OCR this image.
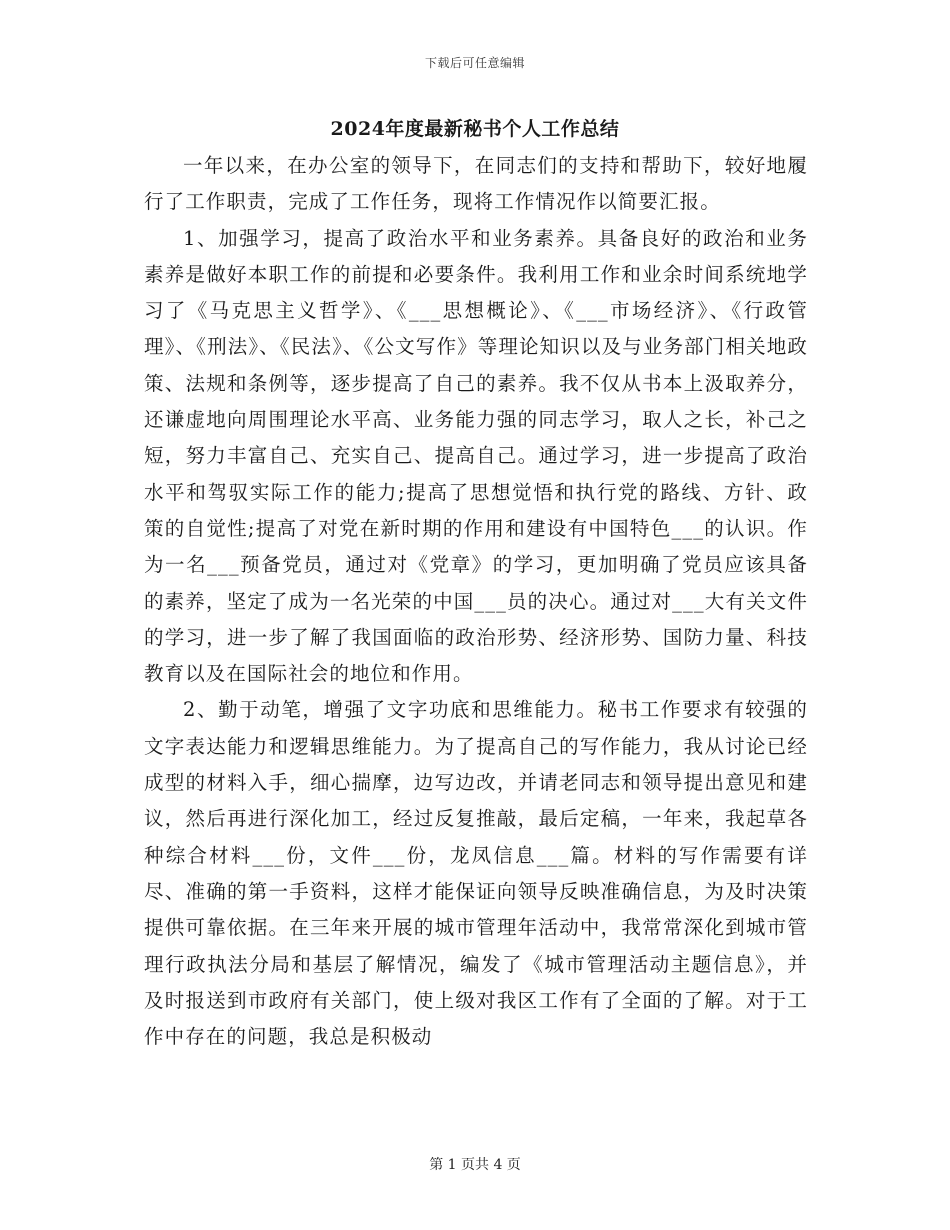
下载后可任意编辑
2024年度最新秘书个人工作总结

一年以来，在办公室的领导下，在同志们的支持和帮助下，较好地履行了工作职责，完成了工作任务，现将工作情况作以简要汇报。

1、加强学习，提高了政治水平和业务素养。具备良好的政治和业务素养是做好本职工作的前提和必要条件。我利用工作和业余时间系统地学习了《马克思主义哲学》、《___思想概论》、《___市场经济》、《行政管理》、《刑法》、《民法》、《公文写作》等理论知识以及与业务部门相关地政策、法规和条例等，逐步提高了自己的素养。我不仅从书本上汲取养分，还谦虚地向周围理论水平高、业务能力强的同志学习，取人之长，补己之短，努力丰富自己、充实自己、提高自己。通过学习，进一步提高了政治水平和驾驭实际工作的能力;提高了思想觉悟和执行党的路线、方针、政策的自觉性;提高了对党在新时期的作用和建设有中国特色___的认识。作为一名___预备党员，通过对《党章》的学习，更加明确了党员应该具备的素养，坚定了成为一名光荣的中国___员的决心。通过对___大有关文件的学习，进一步了解了我国面临的政治形势、经济形势、国防力量、科技教育以及在国际社会的地位和作用。

2、勤于动笔，增强了文字功底和思维能力。秘书工作要求有较强的文字表达能力和逻辑思维能力。为了提高自己的写作能力，我从讨论已经成型的材料入手，细心揣摩，边写边改，并请老同志和领导提出意见和建议，然后再进行深化加工，经过反复推敲，最后定稿，一年来，我起草各种综合材料___份，文件___份，龙凤信息___篇。材料的写作需要有详尽、准确的第一手资料，这样才能保证向领导反映准确信息，为及时决策提供可靠依据。在三年来开展的城市管理年活动中，我常常深化到城市管理行政执法分局和基层了解情况，编发了《城市管理活动主题信息》，并及时报送到市政府有关部门，使上级对我区工作有了全面的了解。对于工作中存在的问题，我总是积极动

第 1 页共 4 页
